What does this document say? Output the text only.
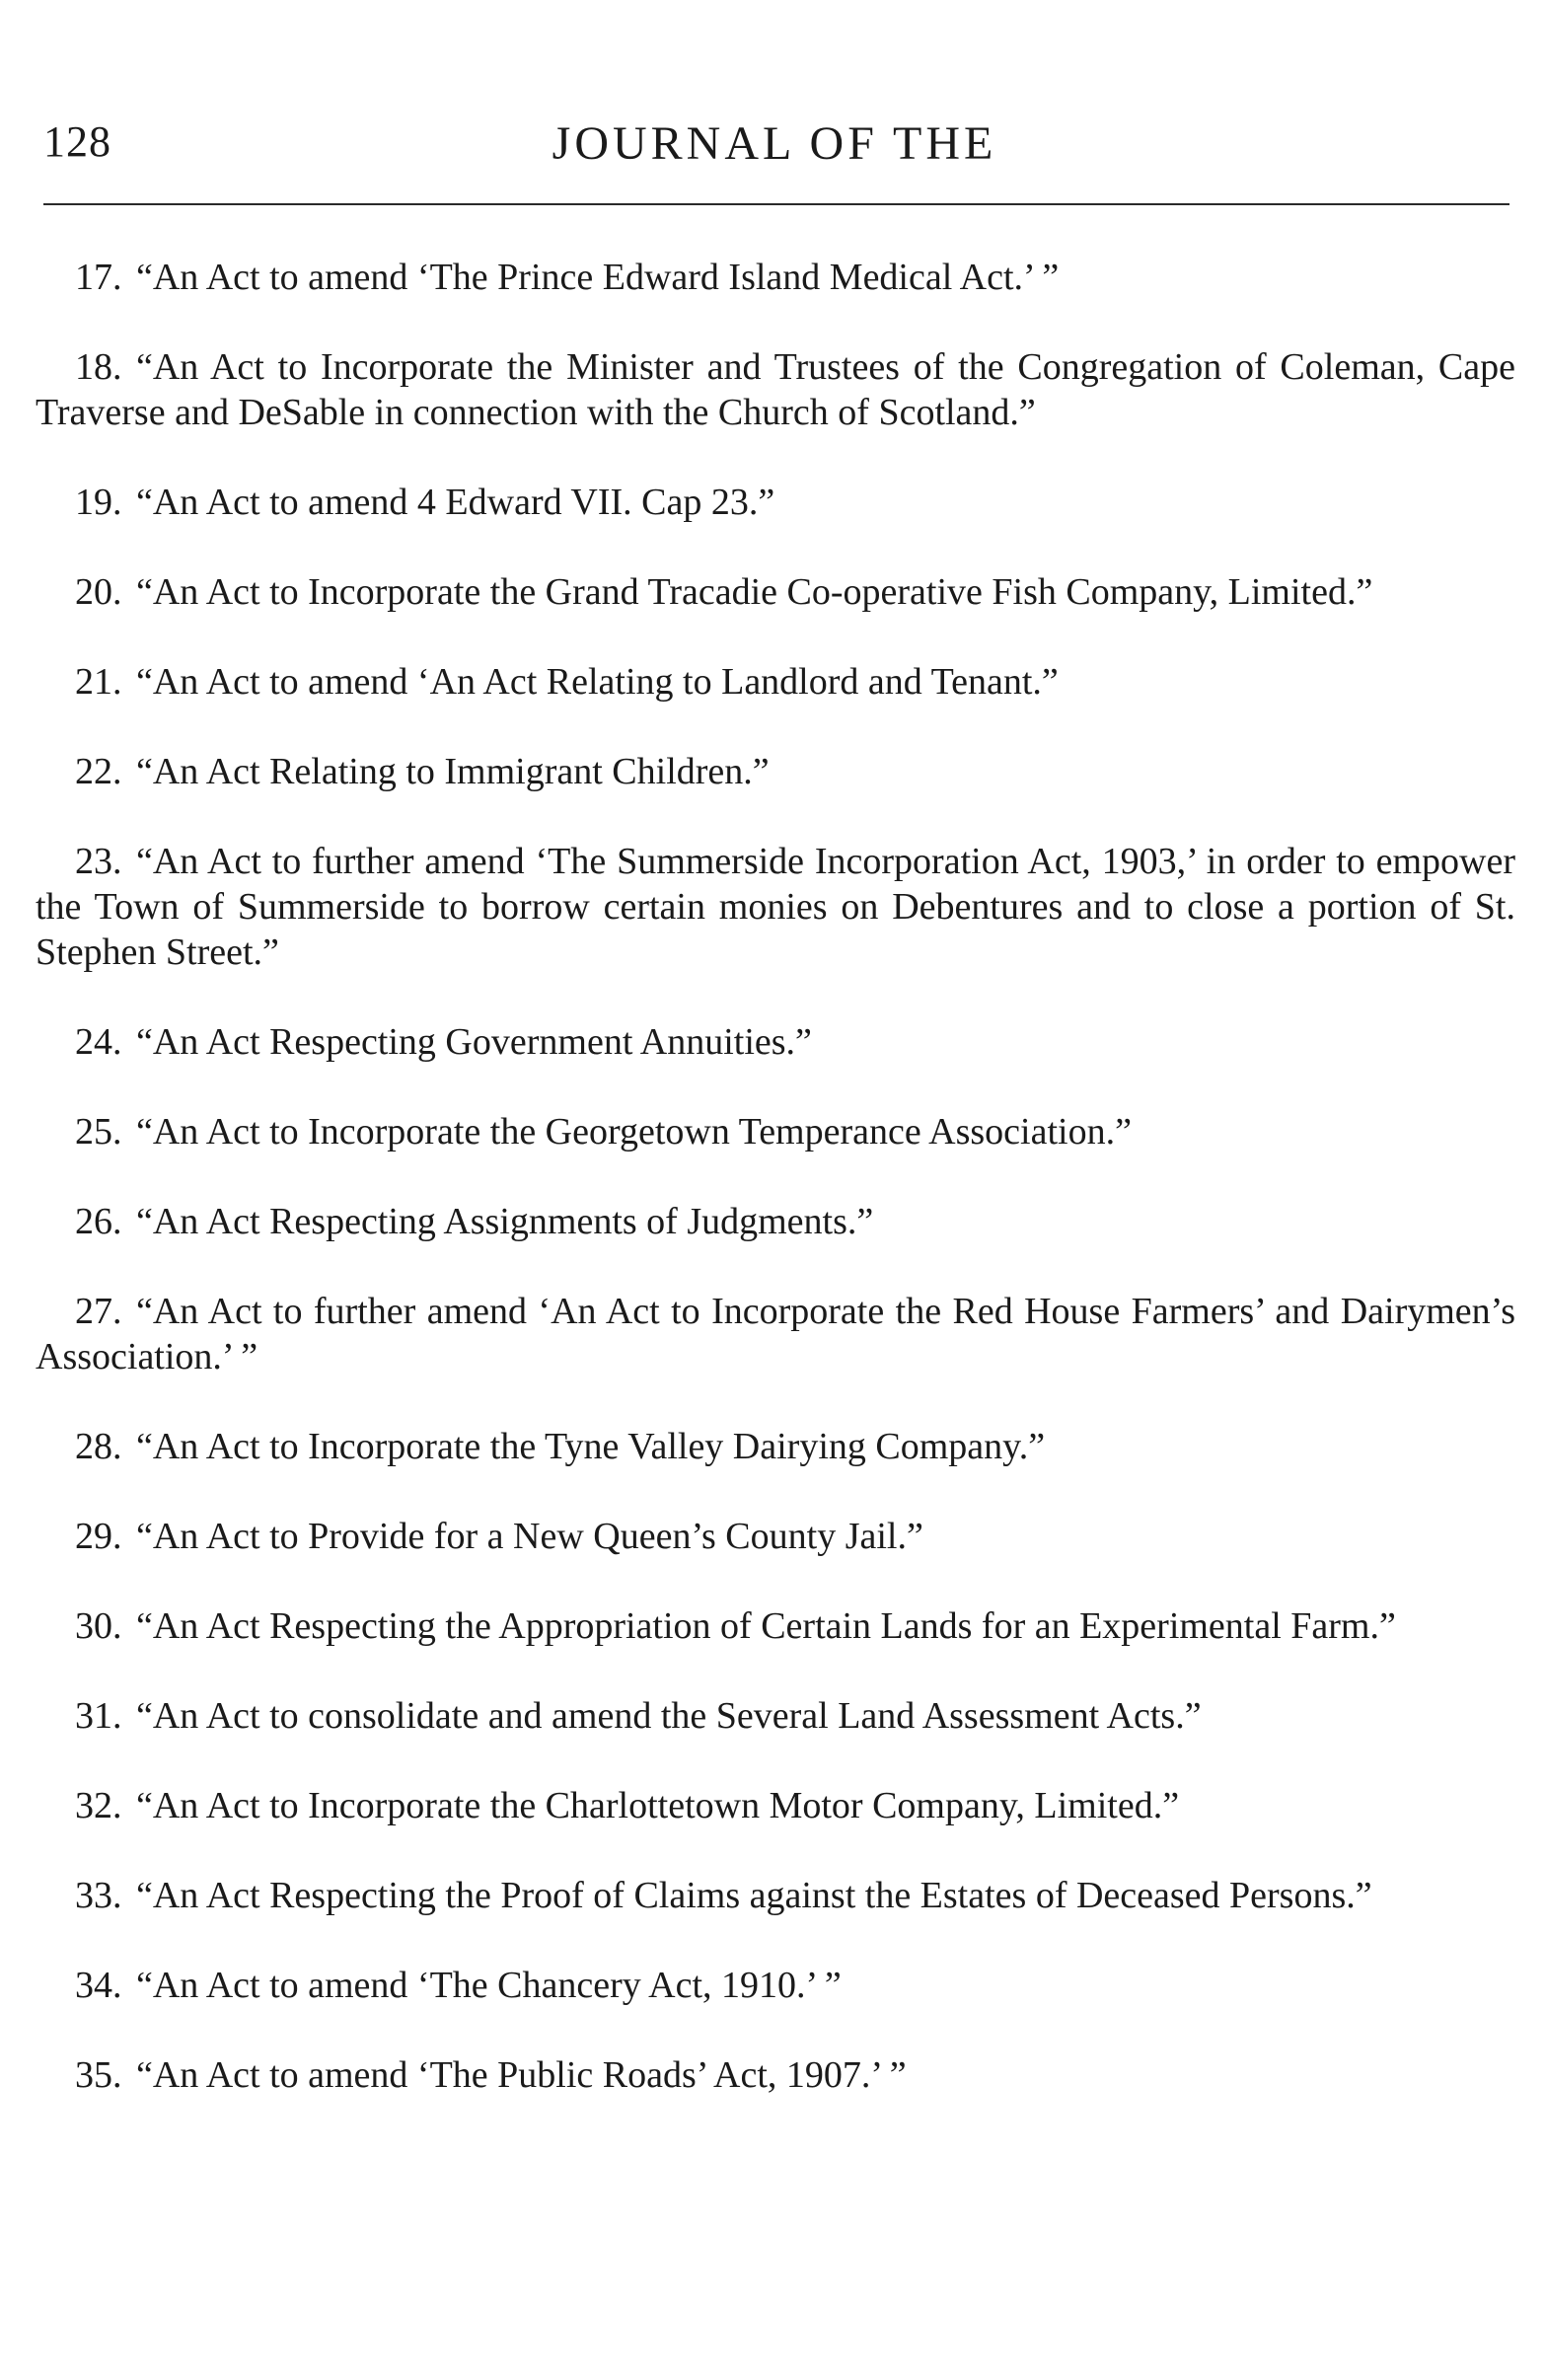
128	JOURNAL OF THE

17. “An Act to amend ‘The Prince Edward Island Medical Act.’ ”

18. “An Act to Incorporate the Minister and Trustees of the Congregation of Coleman, Cape Traverse and DeSable in connection with the Church of Scotland.”

19. “An Act to amend 4 Edward VII. Cap 23.”

20. “An Act to Incorporate the Grand Tracadie Co-operative Fish Company, Limited.”

21. “An Act to amend ‘An Act Relating to Landlord and Tenant.”

22. “An Act Relating to Immigrant Children.”

23. “An Act to further amend ‘The Summerside Incorporation Act, 1903,’ in order to empower the Town of Summerside to borrow certain monies on Debentures and to close a portion of St. Stephen Street.”

24. “An Act Respecting Government Annuities.”

25. “An Act to Incorporate the Georgetown Temperance Association.”

26. “An Act Respecting Assignments of Judgments.”

27. “An Act to further amend ‘An Act to Incorporate the Red House Farmers’ and Dairymen’s Association.’ ”

28. “An Act to Incorporate the Tyne Valley Dairying Company.”

29. “An Act to Provide for a New Queen’s County Jail.”

30. “An Act Respecting the Appropriation of Certain Lands for an Experimental Farm.”

31. “An Act to consolidate and amend the Several Land Assessment Acts.”

32. “An Act to Incorporate the Charlottetown Motor Company, Limited.”

33. “An Act Respecting the Proof of Claims against the Estates of Deceased Persons.”

34. “An Act to amend ‘The Chancery Act, 1910.’ ”

35. “An Act to amend ‘The Public Roads’ Act, 1907.’ ”
